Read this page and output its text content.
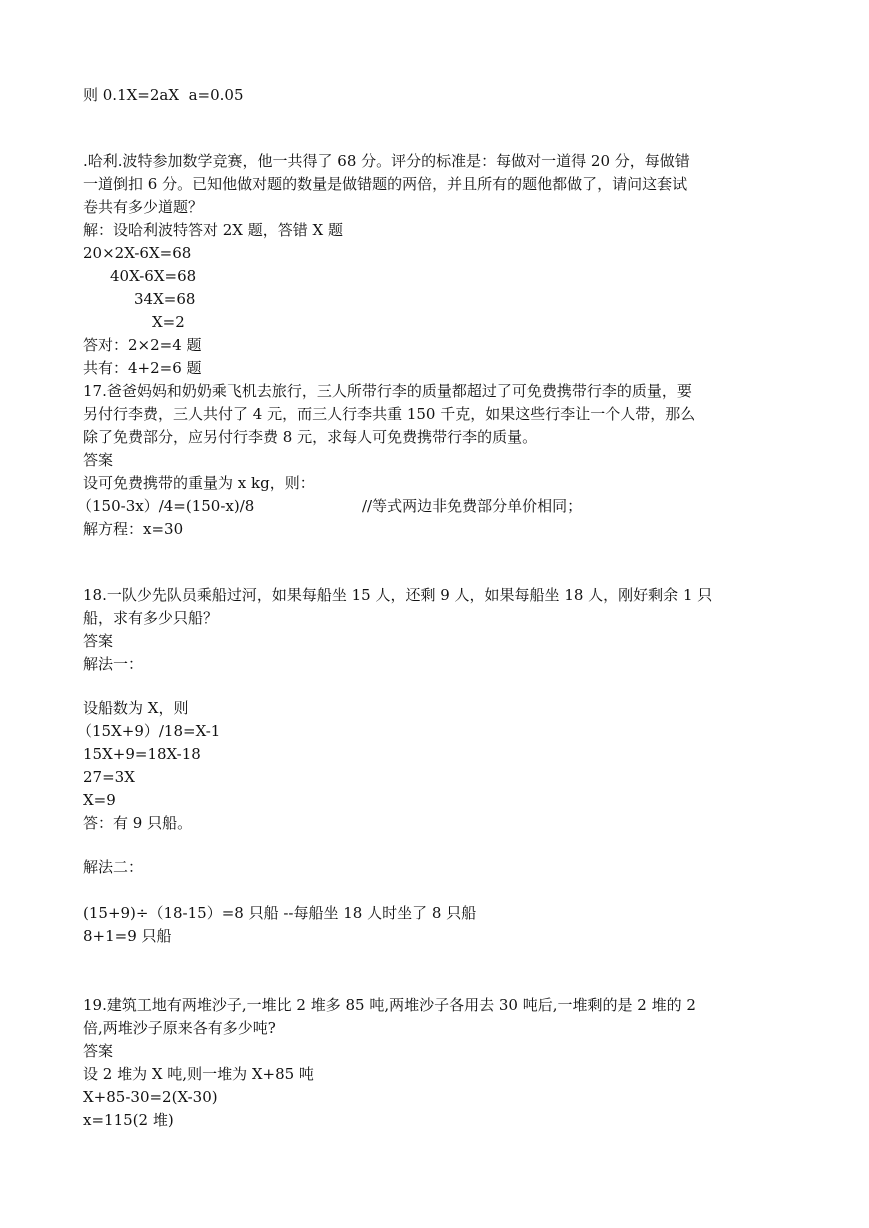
则 0.1X=2aX  a=0.05
.哈利.波特参加数学竞赛，他一共得了 68 分。评分的标准是：每做对一道得 20 分，每做错
一道倒扣 6 分。已知他做对题的数量是做错题的两倍，并且所有的题他都做了，请问这套试
卷共有多少道题？
解：设哈利波特答对 2X 题，答错 X 题
20×2X-6X=68
40X-6X=68
34X=68
X=2
答对：2×2=4 题
共有：4+2=6 题
17.爸爸妈妈和奶奶乘飞机去旅行，三人所带行李的质量都超过了可免费携带行李的质量，要
另付行李费，三人共付了 4 元，而三人行李共重 150 千克，如果这些行李让一个人带，那么
除了免费部分，应另付行李费 8 元，求每人可免费携带行李的质量。
答案
设可免费携带的重量为 x kg，则：
（150-3x）/4=(150-x)/8	//等式两边非免费部分单价相同；
解方程：x=30
18.一队少先队员乘船过河，如果每船坐 15 人，还剩 9 人，如果每船坐 18 人，刚好剩余 1 只
船，求有多少只船？
答案
解法一：
设船数为 X，则
（15X+9）/18=X-1
15X+9=18X-18
27=3X
X=9
答：有 9 只船。
解法二：
(15+9)÷（18-15）=8 只船 --每船坐 18 人时坐了 8 只船
8+1=9 只船
19.建筑工地有两堆沙子,一堆比 2 堆多 85 吨,两堆沙子各用去 30 吨后,一堆剩的是 2 堆的 2
倍,两堆沙子原来各有多少吨?
答案
设 2 堆为 X 吨,则一堆为 X+85 吨
X+85-30=2(X-30)
x=115(2 堆)
